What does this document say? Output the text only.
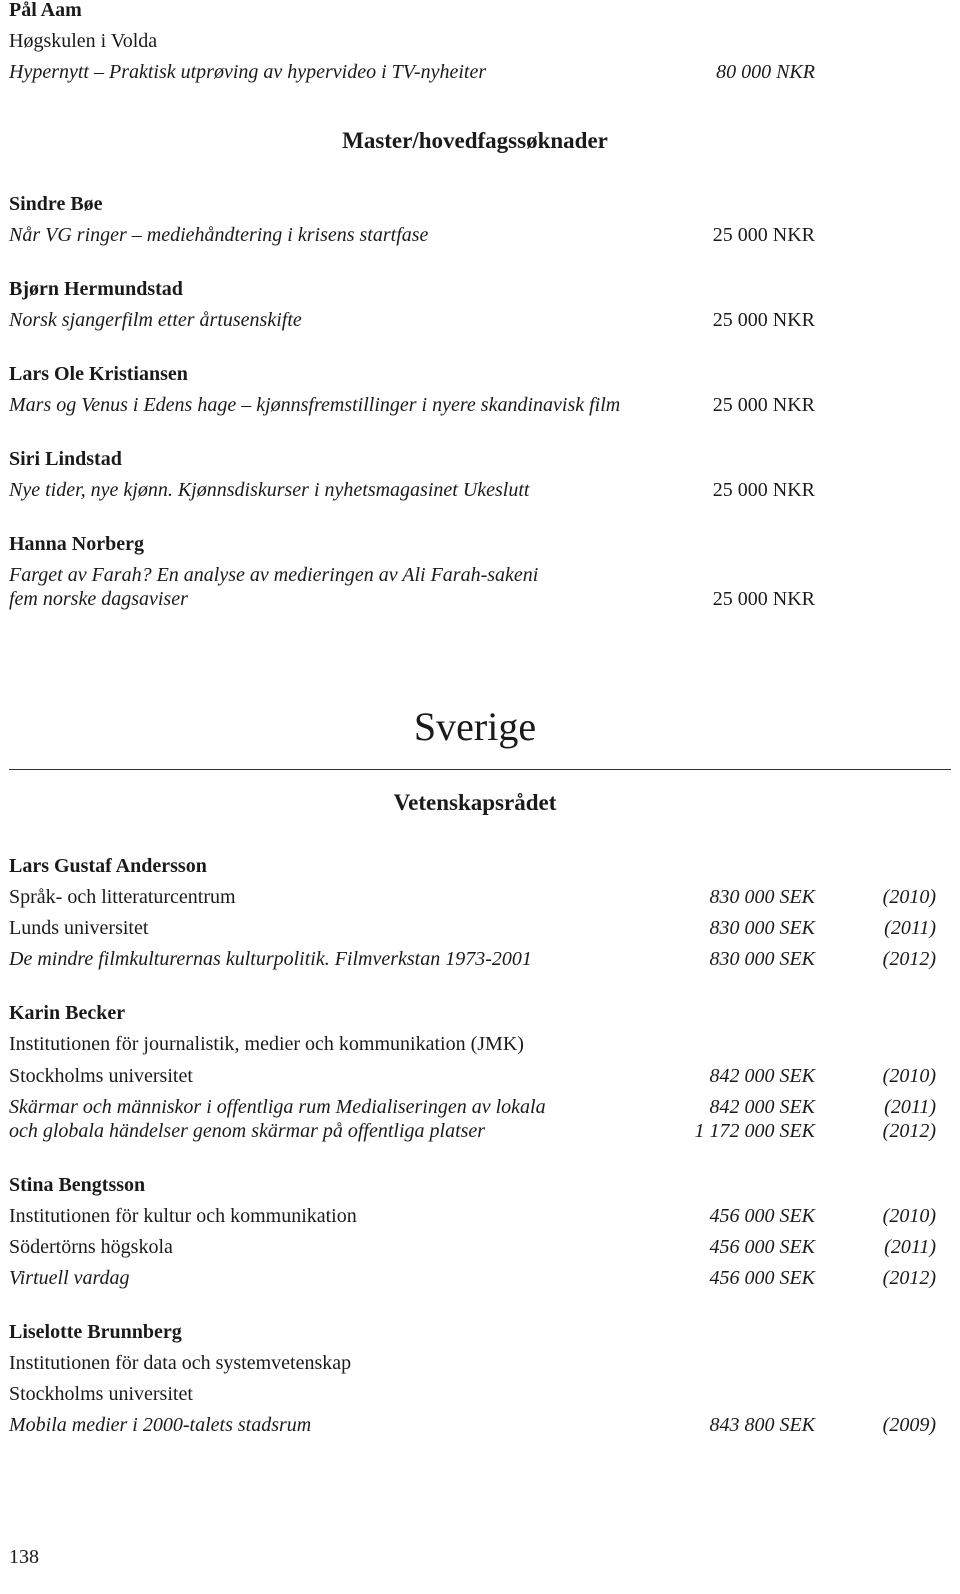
Pål Aam
Høgskulen i Volda
Hypernytt – Praktisk utprøving av hypervideo i TV-nyheiter	80 000 NKR
Master/hovedfagssøknader
Sindre Bøe
Når VG ringer – mediehåndtering i krisens startfase	25 000 NKR
Bjørn Hermundstad
Norsk sjangerfilm etter årtusenskifte	25 000 NKR
Lars Ole Kristiansen
Mars og Venus i Edens hage – kjønnsfremstillinger i nyere skandinavisk film	25 000 NKR
Siri Lindstad
Nye tider, nye kjønn. Kjønnsdiskurser i nyhetsmagasinet Ukeslutt	25 000 NKR
Hanna Norberg
Farget av Farah? En analyse av medieringen av Ali Farah-sakeni
fem norske dagsaviser	25 000 NKR
Sverige
Vetenskapsrådet
Lars Gustaf Andersson
Språk- och litteraturcentrum	830 000 SEK	(2010)
Lunds universitet	830 000 SEK	(2011)
De mindre filmkulturernas kulturpolitik. Filmverkstan 1973-2001	830 000 SEK	(2012)
Karin Becker
Institutionen för journalistik, medier och kommunikation (JMK)
Stockholms universitet	842 000 SEK	(2010)
Skärmar och människor i offentliga rum Medialiseringen av lokala	842 000 SEK	(2011)
och globala händelser genom skärmar på offentliga platser	1 172 000 SEK	(2012)
Stina Bengtsson
Institutionen för kultur och kommunikation	456 000 SEK	(2010)
Södertörns högskola	456 000 SEK	(2011)
Virtuell vardag	456 000 SEK	(2012)
Liselotte Brunnberg
Institutionen för data och systemvetenskap
Stockholms universitet
Mobila medier i 2000-talets stadsrum	843 800 SEK	(2009)
138
